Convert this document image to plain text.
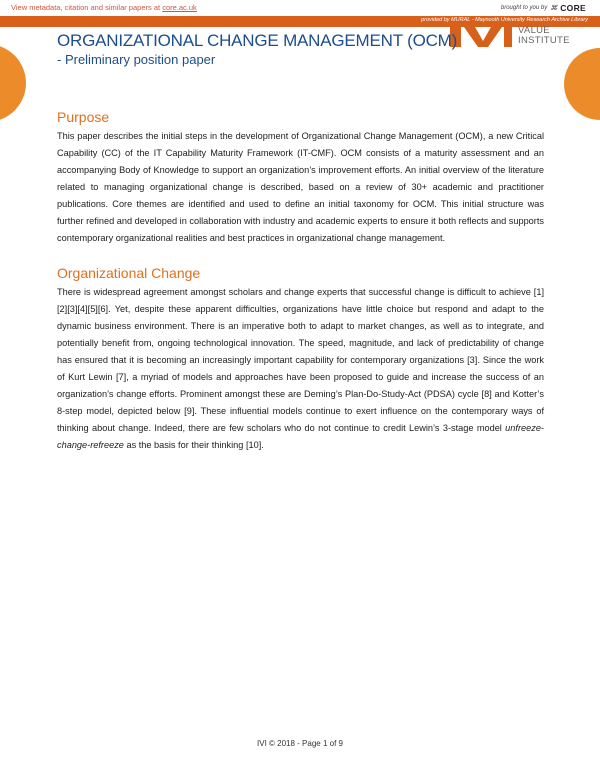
View metadata, citation and similar papers at core.ac.uk	brought to you by ⌘ CORE
provided by MURAL - Maynooth University Research Archive Library
VALUE
INSTITUTE
ORGANIZATIONAL CHANGE MANAGEMENT (OCM)
- Preliminary position paper
Purpose

This paper describes the initial steps in the development of Organizational Change Management (OCM), a new Critical Capability (CC) of the IT Capability Maturity Framework (IT-CMF). OCM consists of a maturity assessment and an accompanying Body of Knowledge to support an organization’s improvement efforts. An initial overview of the literature related to managing organizational change is described, based on a review of 30+ academic and practitioner publications. Core themes are identified and used to define an initial taxonomy for OCM. This initial structure was further refined and developed in collaboration with industry and academic experts to ensure it both reflects and supports contemporary organizational realities and best practices in organizational change management.

Organizational Change

There is widespread agreement amongst scholars and change experts that successful change is difficult to achieve [1][2][3][4][5][6]. Yet, despite these apparent difficulties, organizations have little choice but respond and adapt to the dynamic business environment. There is an imperative both to adapt to market changes, as well as to integrate, and potentially benefit from, ongoing technological innovation. The speed, magnitude, and lack of predictability of change has ensured that it is becoming an increasingly important capability for contemporary organizations [3]. Since the work of Kurt Lewin [7], a myriad of models and approaches have been proposed to guide and increase the success of an organization’s change efforts. Prominent amongst these are Deming’s Plan-Do-Study-Act (PDSA) cycle [8] and Kotter’s 8-step model, depicted below [9]. These influential models continue to exert influence on the contemporary ways of thinking about change. Indeed, there are few scholars who do not continue to credit Lewin’s 3-stage model unfreeze-change-refreeze as the basis for their thinking [10].

IVI © 2018 - Page 1 of 9
